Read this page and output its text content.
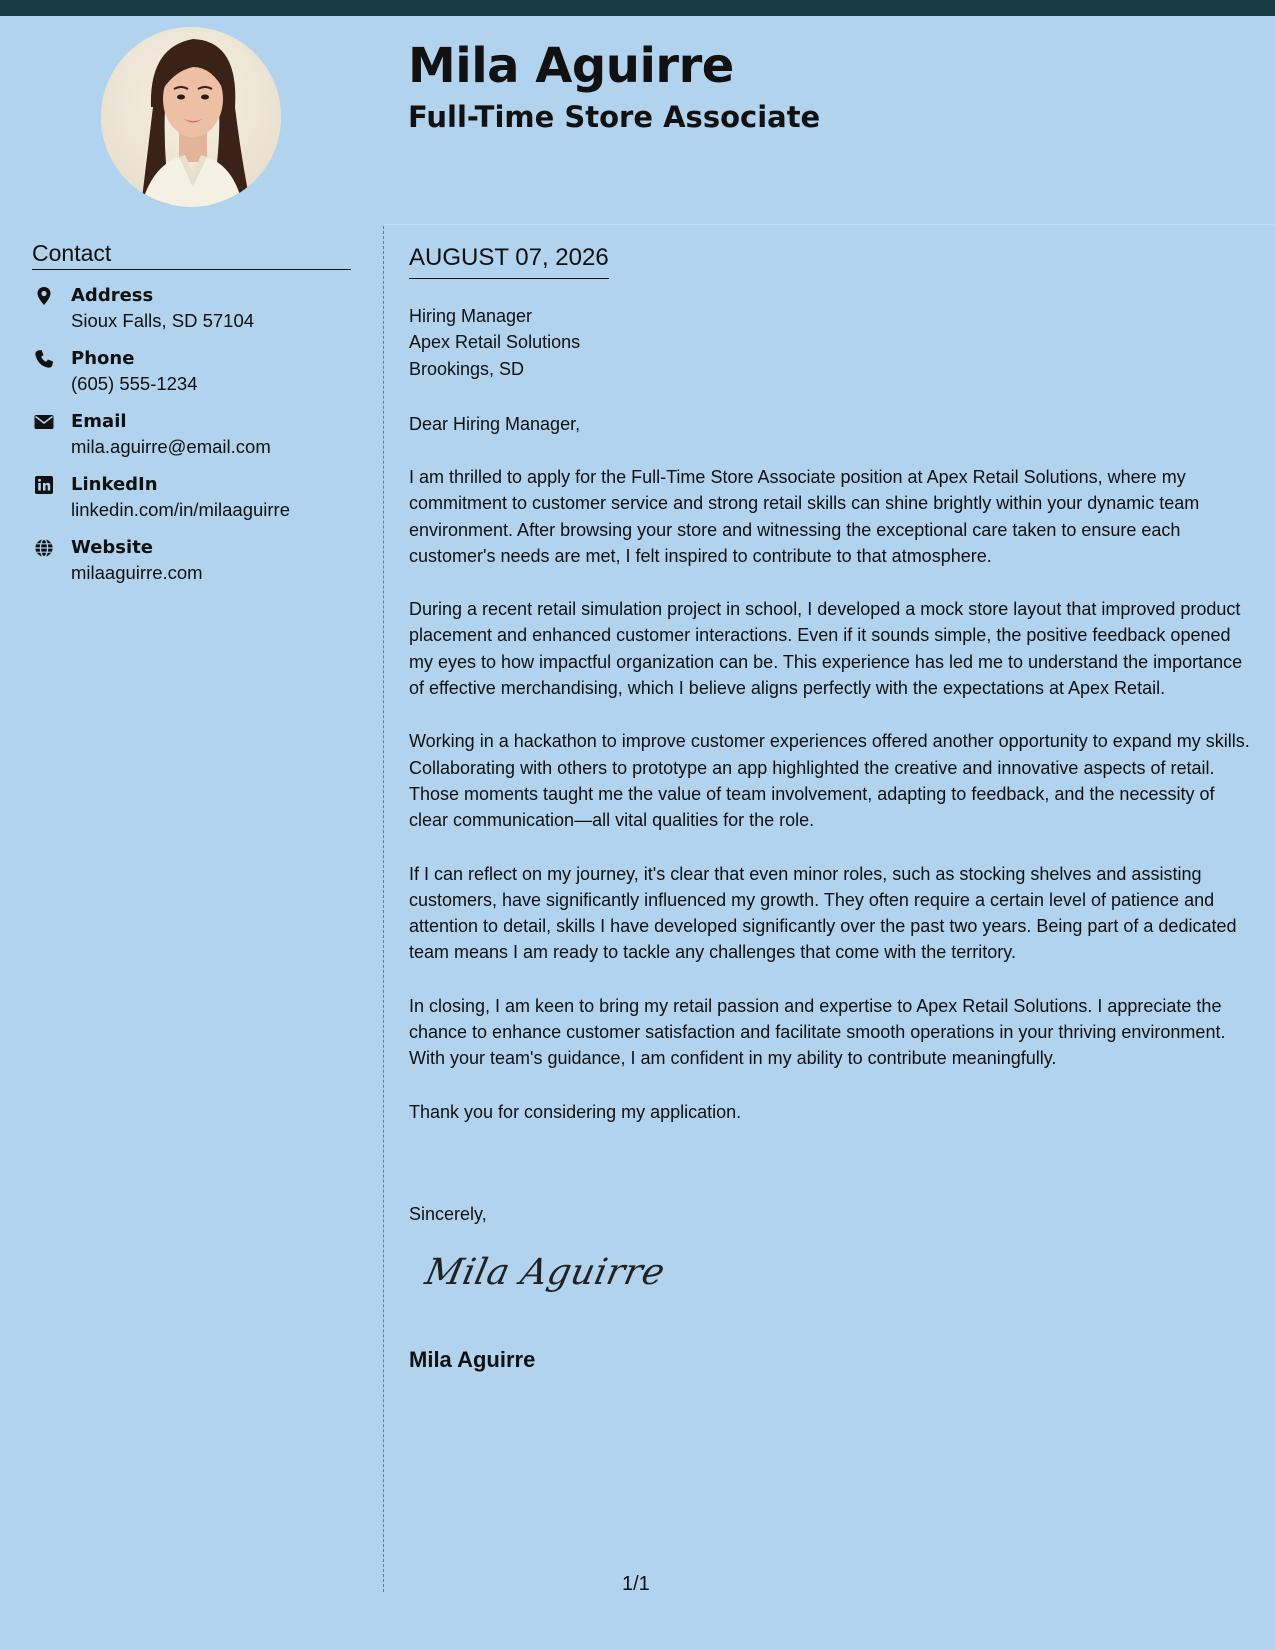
Mila Aguirre
Full-Time Store Associate
Contact
Address
Sioux Falls, SD 57104
Phone
(605) 555-1234
Email
mila.aguirre@email.com
LinkedIn
linkedin.com/in/milaaguirre
Website
milaaguirre.com
AUGUST 07, 2026
Hiring Manager
Apex Retail Solutions
Brookings, SD
Dear Hiring Manager,

I am thrilled to apply for the Full-Time Store Associate position at Apex Retail Solutions, where my commitment to customer service and strong retail skills can shine brightly within your dynamic team environment. After browsing your store and witnessing the exceptional care taken to ensure each customer's needs are met, I felt inspired to contribute to that atmosphere.

During a recent retail simulation project in school, I developed a mock store layout that improved product placement and enhanced customer interactions. Even if it sounds simple, the positive feedback opened my eyes to how impactful organization can be. This experience has led me to understand the importance of effective merchandising, which I believe aligns perfectly with the expectations at Apex Retail.

Working in a hackathon to improve customer experiences offered another opportunity to expand my skills. Collaborating with others to prototype an app highlighted the creative and innovative aspects of retail. Those moments taught me the value of team involvement, adapting to feedback, and the necessity of clear communication—all vital qualities for the role.

If I can reflect on my journey, it's clear that even minor roles, such as stocking shelves and assisting customers, have significantly influenced my growth. They often require a certain level of patience and attention to detail, skills I have developed significantly over the past two years. Being part of a dedicated team means I am ready to tackle any challenges that come with the territory.

In closing, I am keen to bring my retail passion and expertise to Apex Retail Solutions. I appreciate the chance to enhance customer satisfaction and facilitate smooth operations in your thriving environment. With your team's guidance, I am confident in my ability to contribute meaningfully.

Thank you for considering my application.

Sincerely,
Mila Aguirre
Mila Aguirre
1/1
